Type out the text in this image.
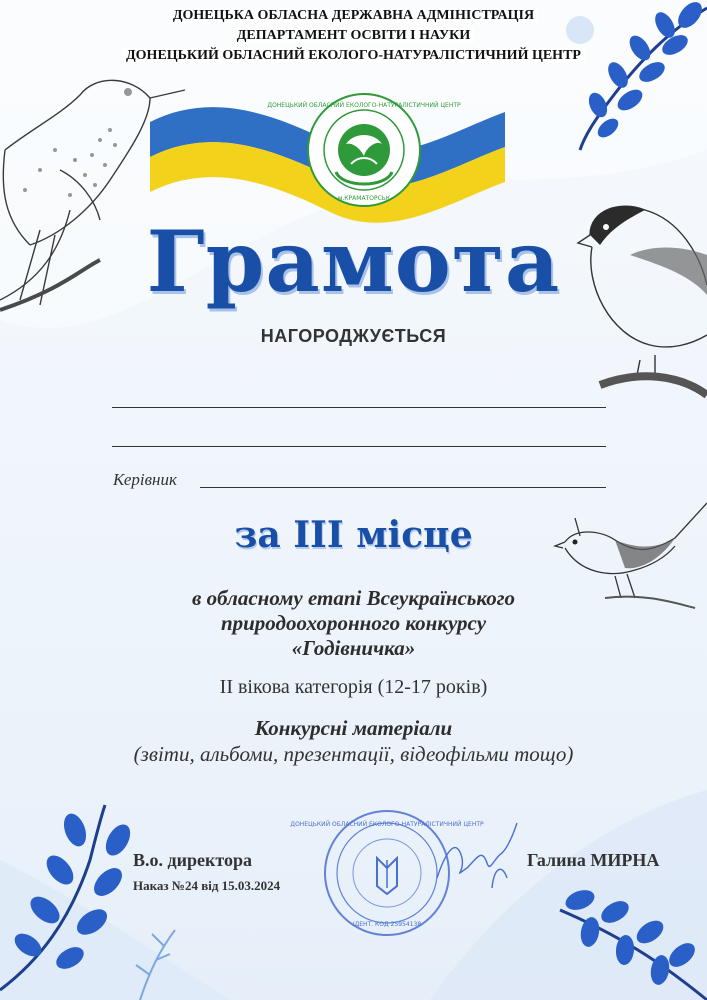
ДОНЕЦЬКИЙ ОБЛАСНИЙ ЕКОЛОГО-НАТУРАЛІСТИЧНИЙ ЦЕНТР
м.КРАМАТОРСЬК
ДОНЕЦЬКА ОБЛАСНА ДЕРЖАВНА АДМІНІСТРАЦІЯ
ДЕПАРТАМЕНТ ОСВІТИ І НАУКИ
ДОНЕЦЬКИЙ ОБЛАСНИЙ ЕКОЛОГО-НАТУРАЛІСТИЧНИЙ ЦЕНТР
Грамота
НАГОРОДЖУЄТЬСЯ
Керівник
за ІІІ місце
в обласному етапі Всеукраїнського
природоохоронного конкурсу
«Годівничка»
ІІ вікова категорія (12-17 років)
Конкурсні матеріали
(звіти, альбоми, презентації, відеофільми тощо)
В.о. директора
Наказ №24 від 15.03.2024
Галина МИРНА
ДОНЕЦЬКИЙ ОБЛАСНИЙ ЕКОЛОГО-НАТУРАЛІСТИЧНИЙ ЦЕНТР
ІДЕНТ. КОД 25954138
